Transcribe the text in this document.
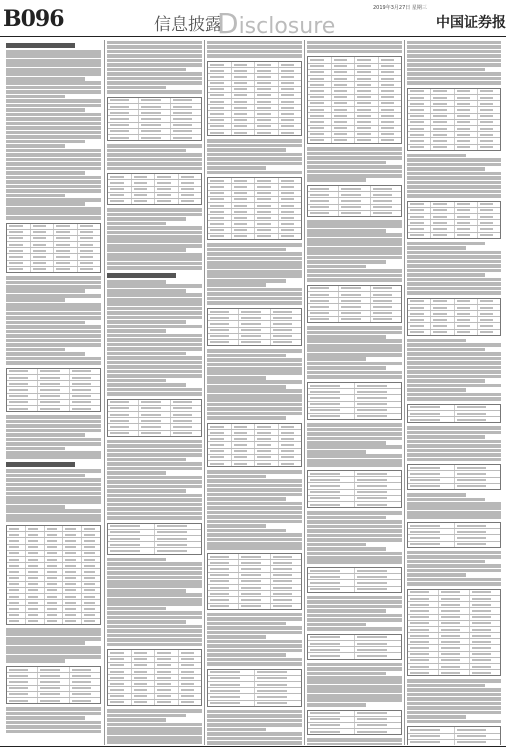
B096	信息披露
Disclosure
2019年3月27日 星期三
中国证券报
